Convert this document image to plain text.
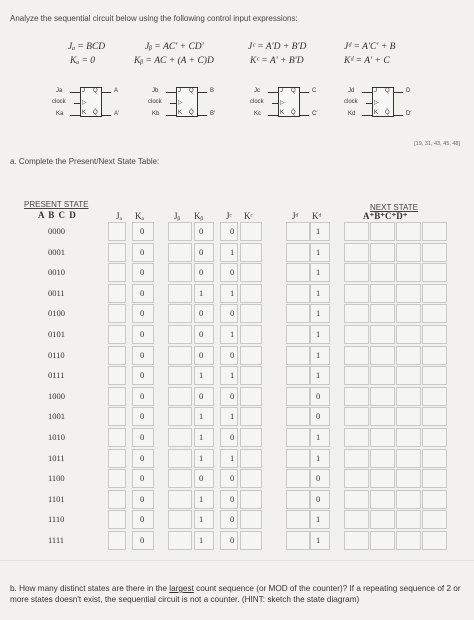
Analyze the sequential circuit below using the following control input expressions:
Jₐ = BCD
Kₐ = 0
Jᵦ = AC′ + CD′
Kᵦ = AC + (A + C)D
Jᶜ = A′D + B′D
Kᶜ = A′ + B′D
Jᵈ = A′C′ + B
Kᵈ = A′ + C
Ja
clock
Ka
J
▷
K
Q
Q̄
A
A′
Jb
clock
Kb
J
▷
K
Q
Q̄
B
B′
Jc
clock
Kc
J
▷
K
Q
Q̄
C
C′
Jd
clock
Kd
J
▷
K
Q
Q̄
D
D′
[19, 31, 43, 45, 48]
a. Complete the Present/Next State Table:
PRESENT STATE
A B C D	Jₐ Kₐ	Jᵦ Kᵦ	Jᶜ Kᶜ	Jᵈ Kᵈ
NEXT STATE
A⁺B⁺C⁺D⁺
0000	0	0	0	1
0001	0	0	1	1
0010	0	0	0	1
0011	0	1	1	1
0100	0	0	0	1
0101	0	0	1	1
0110	0	0	0	1
0111	0	1	1	1
1000	0	0	0	0
1001	0	1	1	0
1010	0	1	0	1
1011	0	1	1	1
1100	0	0	0	0
1101	0	1	0	0
1110	0	1	0	1
1111	0	1	0	1
b. How many distinct states are there in the largest count sequence (or MOD of the counter)? If a repeating sequence of 2 or more states doesn't exist, the sequential circuit is not a counter. (HINT: sketch the state diagram)
